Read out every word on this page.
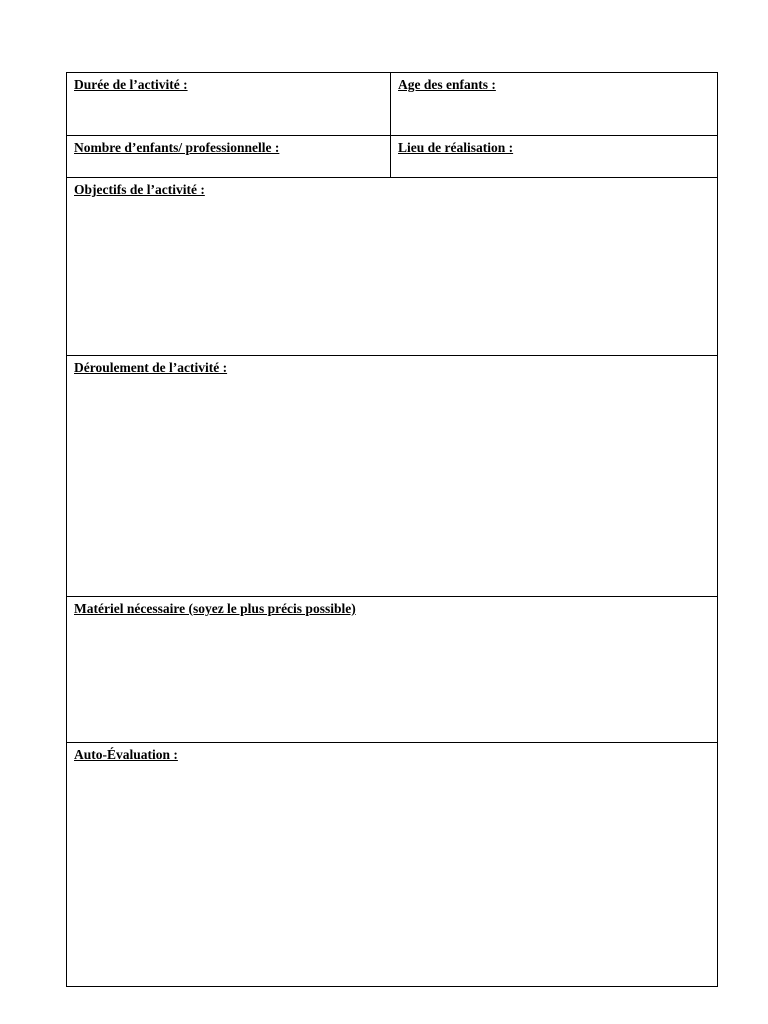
Durée de l’activité :	Age des enfants :
Nombre d’enfants/ professionnelle :	Lieu de réalisation :
Objectifs de l’activité :
Déroulement de l’activité :
Matériel nécessaire (soyez le plus précis possible)
Auto-Évaluation :
